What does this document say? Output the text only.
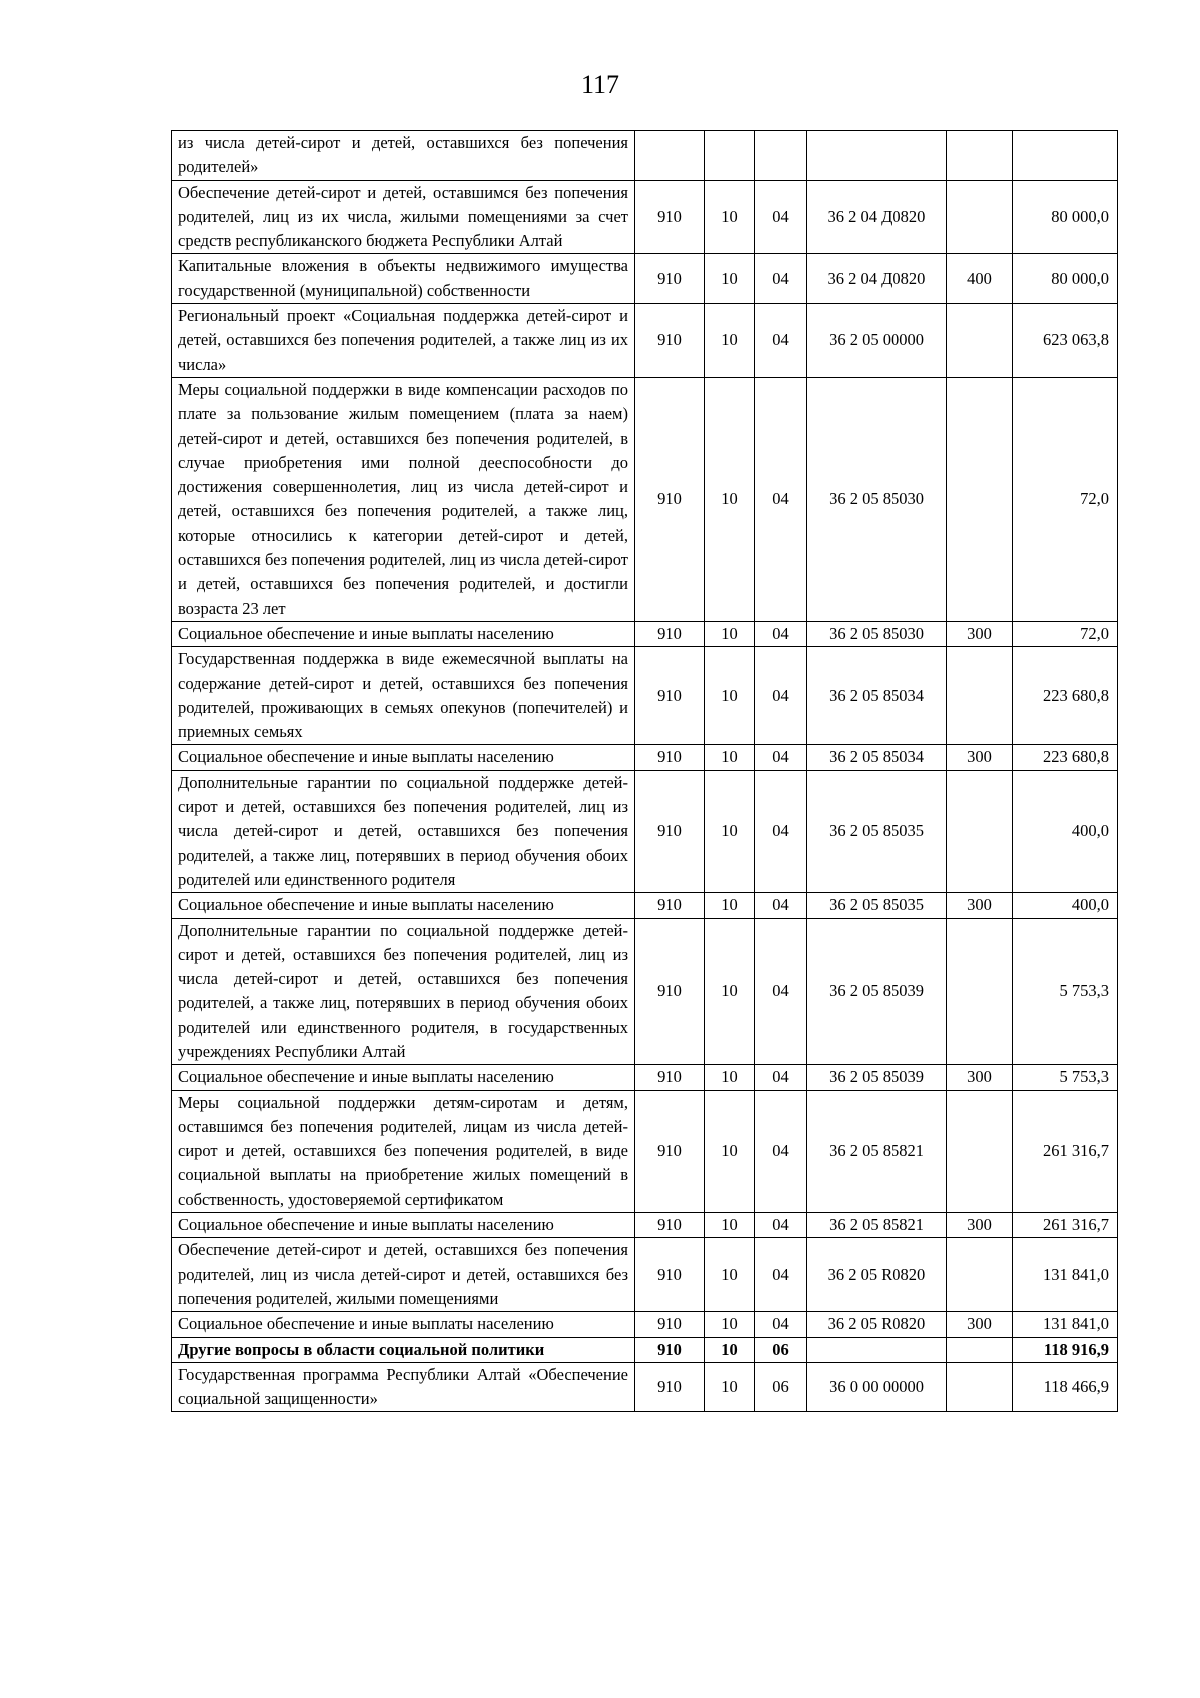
117
из числа детей-сирот и детей, оставшихся без попечения родителей»						
Обеспечение детей-сирот и детей, оставшимся без попечения родителей, лиц из их числа, жилыми помещениями за счет средств республиканского бюджета Республики Алтай	910	10	04	36 2 04 Д0820		80 000,0
Капитальные вложения в объекты недвижимого имущества государственной (муниципальной) собственности	910	10	04	36 2 04 Д0820	400	80 000,0
Региональный проект «Социальная поддержка детей-сирот и детей, оставшихся без попечения родителей, а также лиц из их числа»	910	10	04	36 2 05 00000		623 063,8
Меры социальной поддержки в виде компенсации расходов по плате за пользование жилым помещением (плата за наем) детей-сирот и детей, оставшихся без попечения родителей, в случае приобретения ими полной дееспособности до достижения совершеннолетия, лиц из числа детей-сирот и детей, оставшихся без попечения родителей, а также лиц, которые относились к категории детей-сирот и детей, оставшихся без попечения родителей, лиц из числа детей-сирот и детей, оставшихся без попечения родителей, и достигли возраста 23 лет	910	10	04	36 2 05 85030		72,0
Социальное обеспечение и иные выплаты населению	910	10	04	36 2 05 85030	300	72,0
Государственная поддержка в виде ежемесячной выплаты на содержание детей-сирот и детей, оставшихся без попечения родителей, проживающих в семьях опекунов (попечителей) и приемных семьях	910	10	04	36 2 05 85034		223 680,8
Социальное обеспечение и иные выплаты населению	910	10	04	36 2 05 85034	300	223 680,8
Дополнительные гарантии по социальной поддержке детей-сирот и детей, оставшихся без попечения родителей, лиц из числа детей-сирот и детей, оставшихся без попечения родителей, а также лиц, потерявших в период обучения обоих родителей или единственного родителя	910	10	04	36 2 05 85035		400,0
Социальное обеспечение и иные выплаты населению	910	10	04	36 2 05 85035	300	400,0
Дополнительные гарантии по социальной поддержке детей-сирот и детей, оставшихся без попечения родителей, лиц из числа детей-сирот и детей, оставшихся без попечения родителей, а также лиц, потерявших в период обучения обоих родителей или единственного родителя, в государственных учреждениях Республики Алтай	910	10	04	36 2 05 85039		5 753,3
Социальное обеспечение и иные выплаты населению	910	10	04	36 2 05 85039	300	5 753,3
Меры социальной поддержки детям-сиротам и детям, оставшимся без попечения родителей, лицам из числа детей-сирот и детей, оставшихся без попечения родителей, в виде социальной выплаты на приобретение жилых помещений в собственность, удостоверяемой сертификатом	910	10	04	36 2 05 85821		261 316,7
Социальное обеспечение и иные выплаты населению	910	10	04	36 2 05 85821	300	261 316,7
Обеспечение детей-сирот и детей, оставшихся без попечения родителей, лиц из числа детей-сирот и детей, оставшихся без попечения родителей, жилыми помещениями	910	10	04	36 2 05 R0820		131 841,0
Социальное обеспечение и иные выплаты населению	910	10	04	36 2 05 R0820	300	131 841,0
Другие вопросы в области социальной политики	910	10	06			118 916,9
Государственная программа Республики Алтай «Обеспечение социальной защищенности»	910	10	06	36 0 00 00000		118 466,9
